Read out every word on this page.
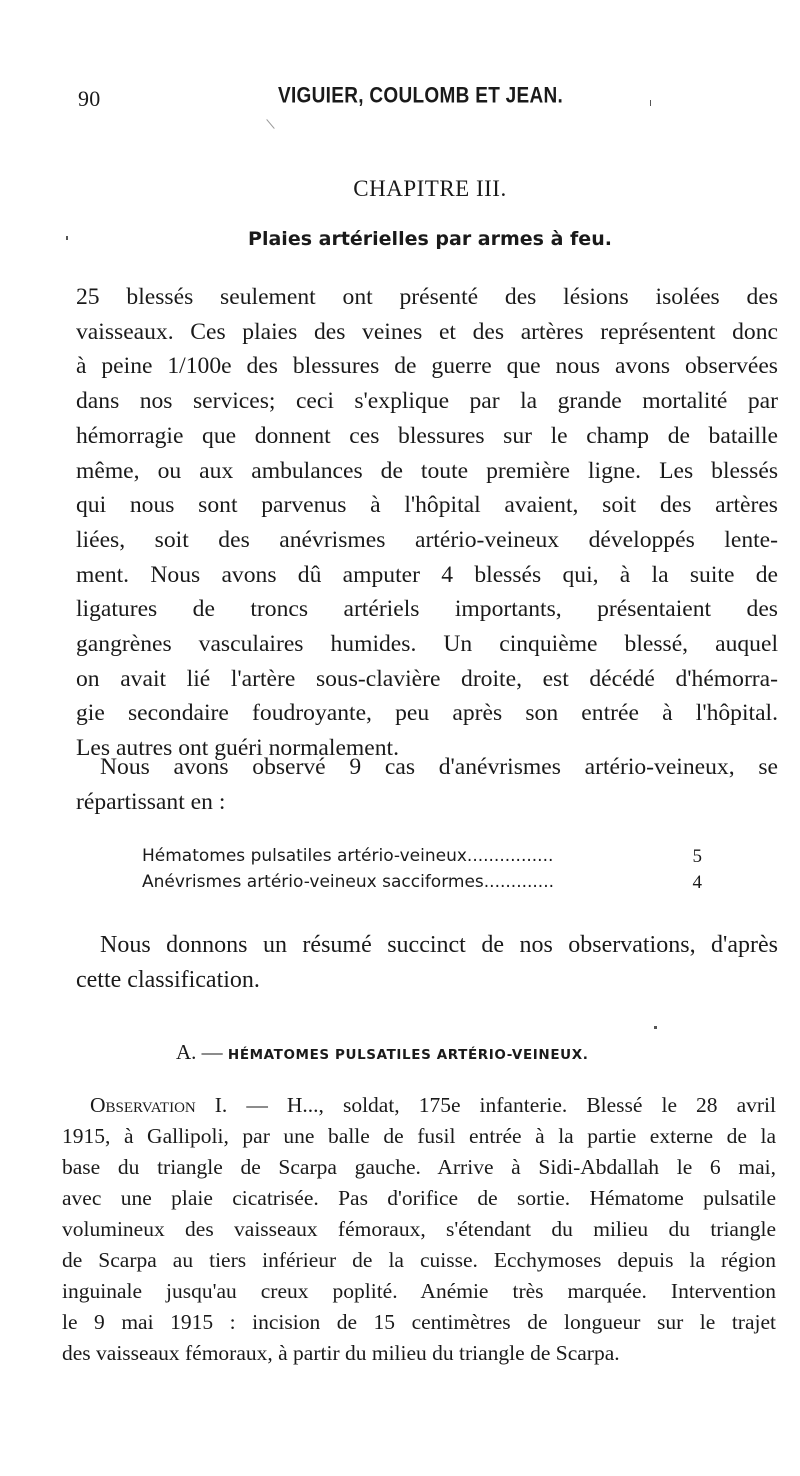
90	VIGUIER, COULOMB ET JEAN.
CHAPITRE III.
Plaies artérielles par armes à feu.
25 blessés seulement ont présenté des lésions isolées des
vaisseaux. Ces plaies des veines et des artères représentent donc
à peine 1/100e des blessures de guerre que nous avons observées
dans nos services; ceci s'explique par la grande mortalité par
hémorragie que donnent ces blessures sur le champ de bataille
même, ou aux ambulances de toute première ligne. Les blessés
qui nous sont parvenus à l'hôpital avaient, soit des artères
liées, soit des anévrismes artério-veineux développés lente-
ment. Nous avons dû amputer 4 blessés qui, à la suite de
ligatures de troncs artériels importants, présentaient des
gangrènes vasculaires humides. Un cinquième blessé, auquel
on avait lié l'artère sous-clavière droite, est décédé d'hémorra-
gie secondaire foudroyante, peu après son entrée à l'hôpital.
Les autres ont guéri normalement.
Nous avons observé 9 cas d'anévrismes artério-veineux, se
répartissant en :
Hématomes pulsatiles artério-veineux................	5
Anévrismes artério-veineux sacciformes.............	4
Nous donnons un résumé succinct de nos observations, d'après
cette classification.
A. — HÉMATOMES PULSATILES ARTÉRIO-VEINEUX.
Observation I. — H..., soldat, 175e infanterie. Blessé le 28 avril
1915, à Gallipoli, par une balle de fusil entrée à la partie externe de la
base du triangle de Scarpa gauche. Arrive à Sidi-Abdallah le 6 mai,
avec une plaie cicatrisée. Pas d'orifice de sortie. Hématome pulsatile
volumineux des vaisseaux fémoraux, s'étendant du milieu du triangle
de Scarpa au tiers inférieur de la cuisse. Ecchymoses depuis la région
inguinale jusqu'au creux poplité. Anémie très marquée. Intervention
le 9 mai 1915 : incision de 15 centimètres de longueur sur le trajet
des vaisseaux fémoraux, à partir du milieu du triangle de Scarpa.
